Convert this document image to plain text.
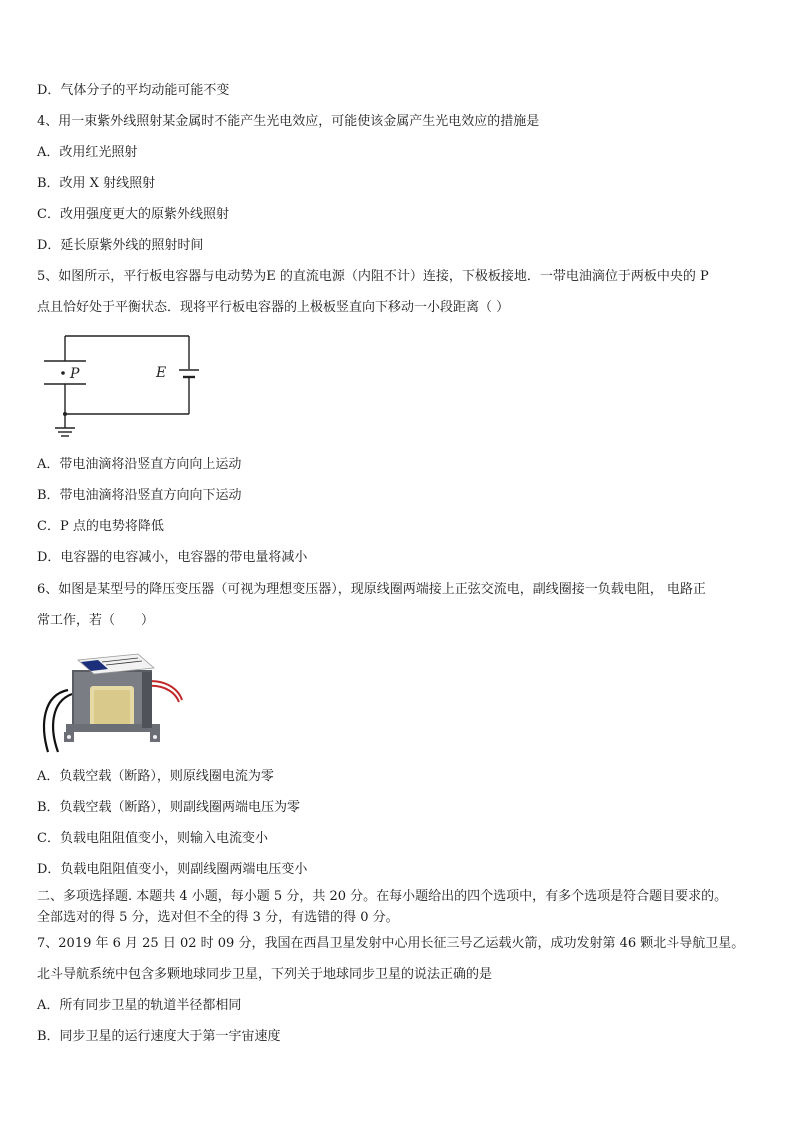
D．气体分子的平均动能可能不变
4、用一束紫外线照射某金属时不能产生光电效应，可能使该金属产生光电效应的措施是
A．改用红光照射
B．改用 X 射线照射
C．改用强度更大的原紫外线照射
D．延长原紫外线的照射时间
5、如图所示，平行板电容器与电动势为E 的直流电源（内阻不计）连接，下极板接地．一带电油滴位于两板中央的 P
点且恰好处于平衡状态．现将平行板电容器的上极板竖直向下移动一小段距离（ ）
P	E
A．带电油滴将沿竖直方向向上运动
B．带电油滴将沿竖直方向向下运动
C．P 点的电势将降低
D．电容器的电容减小，电容器的带电量将减小
6、如图是某型号的降压变压器（可视为理想变压器），现原线圈两端接上正弦交流电，副线圈接一负载电阻， 电路正
常工作，若（　　）
A．负载空载（断路），则原线圈电流为零
B．负载空载（断路），则副线圈两端电压为零
C．负载电阻阻值变小，则输入电流变小
D．负载电阻阻值变小，则副线圈两端电压变小
二、多项选择题. 本题共 4 小题，每小题 5 分，共 20 分。在每小题给出的四个选项中，有多个选项是符合题目要求的。
全部选对的得 5 分，选对但不全的得 3 分，有选错的得 0 分。
7、2019 年 6 月 25 日 02 时 09 分，我国在西昌卫星发射中心用长征三号乙运载火箭，成功发射第 46 颗北斗导航卫星。
北斗导航系统中包含多颗地球同步卫星，下列关于地球同步卫星的说法正确的是
A．所有同步卫星的轨道半径都相同
B．同步卫星的运行速度大于第一宇宙速度
